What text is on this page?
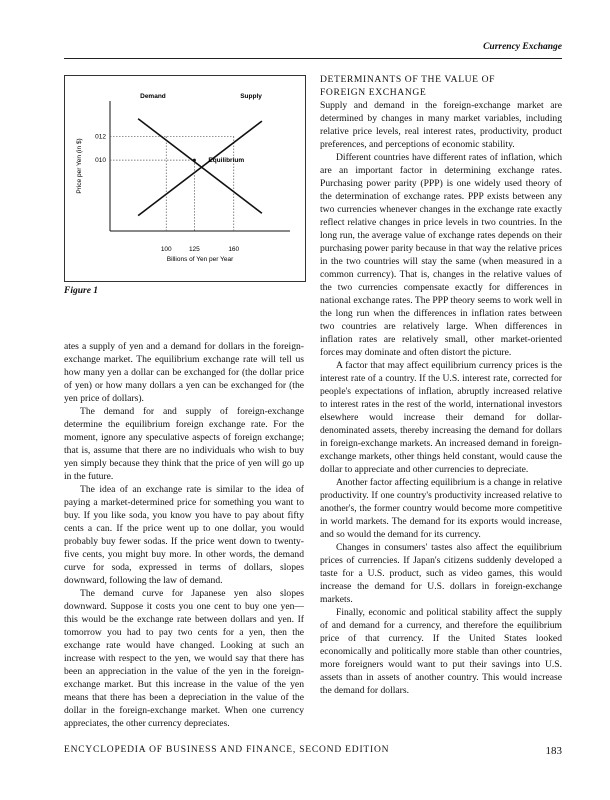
Currency Exchange
Demand	Supply
Equilibrium
012
010
100	125	160
Price per Yen (in $)
Billions of Yen per Year
Figure 1

ates a supply of yen and a demand for dollars in the foreign-exchange market. The equilibrium exchange rate will tell us how many yen a dollar can be exchanged for (the dollar price of yen) or how many dollars a yen can be exchanged for (the yen price of dollars).

The demand for and supply of foreign-exchange determine the equilibrium foreign exchange rate. For the moment, ignore any speculative aspects of foreign exchange; that is, assume that there are no individuals who wish to buy yen simply because they think that the price of yen will go up in the future.

The idea of an exchange rate is similar to the idea of paying a market-determined price for something you want to buy. If you like soda, you know you have to pay about fifty cents a can. If the price went up to one dollar, you would probably buy fewer sodas. If the price went down to twenty-five cents, you might buy more. In other words, the demand curve for soda, expressed in terms of dollars, slopes downward, following the law of demand.

The demand curve for Japanese yen also slopes downward. Suppose it costs you one cent to buy one yen—this would be the exchange rate between dollars and yen. If tomorrow you had to pay two cents for a yen, then the exchange rate would have changed. Looking at such an increase with respect to the yen, we would say that there has been an appreciation in the value of the yen in the foreign-exchange market. But this increase in the value of the yen means that there has been a depreciation in the value of the dollar in the foreign-exchange market. When one currency appreciates, the other currency depreciates.

DETERMINANTS OF THE VALUE OF
FOREIGN EXCHANGE

Supply and demand in the foreign-exchange market are determined by changes in many market variables, including relative price levels, real interest rates, productivity, product preferences, and perceptions of economic stability.

Different countries have different rates of inflation, which are an important factor in determining exchange rates. Purchasing power parity (PPP) is one widely used theory of the determination of exchange rates. PPP exists between any two currencies whenever changes in the exchange rate exactly reflect relative changes in price levels in two countries. In the long run, the average value of exchange rates depends on their purchasing power parity because in that way the relative prices in the two countries will stay the same (when measured in a common currency). That is, changes in the relative values of the two currencies compensate exactly for differences in national exchange rates. The PPP theory seems to work well in the long run when the differences in inflation rates between two countries are relatively large. When differences in inflation rates are relatively small, other market-oriented forces may dominate and often distort the picture.

A factor that may affect equilibrium currency prices is the interest rate of a country. If the U.S. interest rate, corrected for people's expectations of inflation, abruptly increased relative to interest rates in the rest of the world, international investors elsewhere would increase their demand for dollar-denominated assets, thereby increasing the demand for dollars in foreign-exchange markets. An increased demand in foreign-exchange markets, other things held constant, would cause the dollar to appreciate and other currencies to depreciate.

Another factor affecting equilibrium is a change in relative productivity. If one country's productivity increased relative to another's, the former country would become more competitive in world markets. The demand for its exports would increase, and so would the demand for its currency.

Changes in consumers' tastes also affect the equilibrium prices of currencies. If Japan's citizens suddenly developed a taste for a U.S. product, such as video games, this would increase the demand for U.S. dollars in foreign-exchange markets.

Finally, economic and political stability affect the supply of and demand for a currency, and therefore the equilibrium price of that currency. If the United States looked economically and politically more stable than other countries, more foreigners would want to put their savings into U.S. assets than in assets of another country. This would increase the demand for dollars.

ENCYCLOPEDIA OF BUSINESS AND FINANCE, SECOND EDITION	183
